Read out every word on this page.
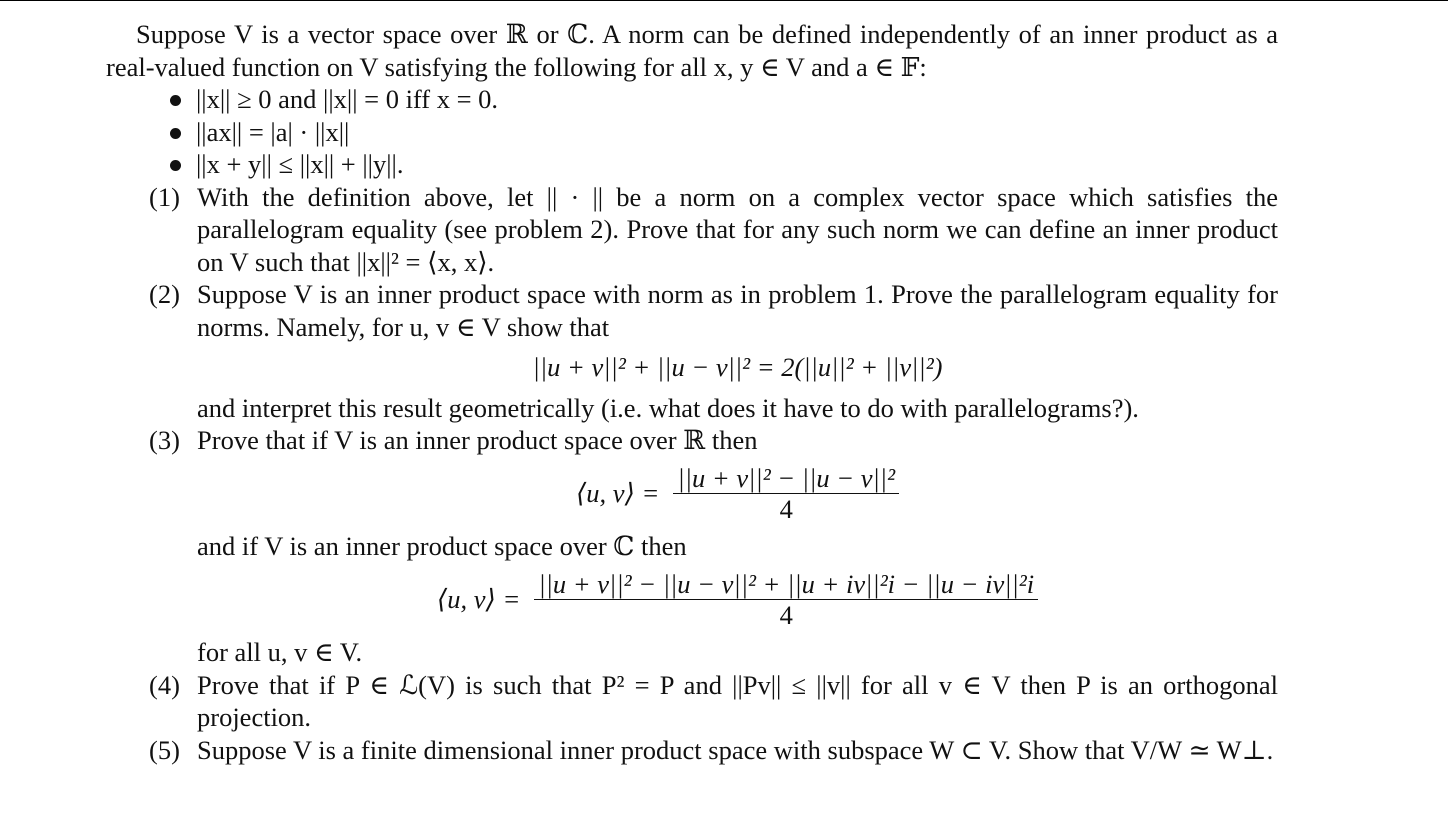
Suppose V is a vector space over ℝ or ℂ. A norm can be defined independently of an inner product as a real-valued function on V satisfying the following for all x, y ∈ V and a ∈ 𝔽:

||x|| ≥ 0 and ||x|| = 0 iff x = 0.
||ax|| = |a| · ||x||
||x + y|| ≤ ||x|| + ||y||.
(1) With the definition above, let || · || be a norm on a complex vector space which satisfies the parallelogram equality (see problem 2). Prove that for any such norm we can define an inner product on V such that ||x||² = ⟨x, x⟩.

(2) Suppose V is an inner product space with norm as in problem 1. Prove the parallelogram equality for norms. Namely, for u, v ∈ V show that

||u + v||² + ||u − v||² = 2(||u||² + ||v||²)

and interpret this result geometrically (i.e. what does it have to do with parallelograms?).

(3) Prove that if V is an inner product space over ℝ then

⟨u, v⟩ = $\frac{\text{||u + v||² − ||u − v||²}}{4}$

and if V is an inner product space over ℂ then

⟨u, v⟩ = $\frac{\text{||u + v||² − ||u − v||² + ||u + iv||²i − ||u − iv||²i}}{4}$

for all u, v ∈ V.

(4) Prove that if P ∈ ℒ(V) is such that P² = P and ||Pv|| ≤ ||v|| for all v ∈ V then P is an orthogonal projection.

(5) Suppose V is a finite dimensional inner product space with subspace W ⊂ V. Show that V/W ≃ W⊥.
